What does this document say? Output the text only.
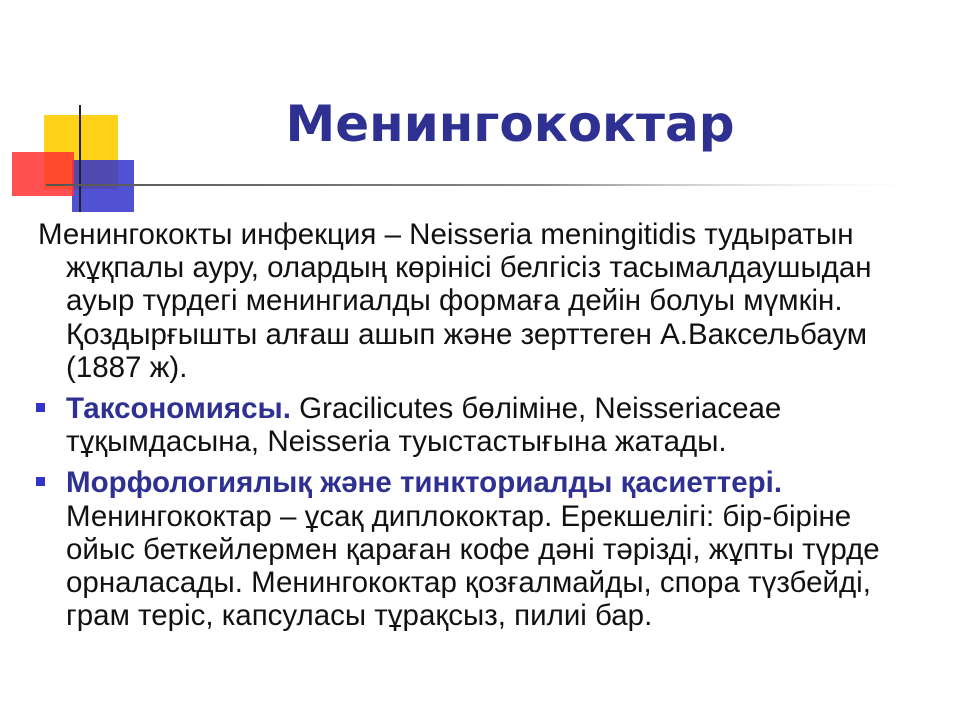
Менингококтар

Менингококты инфекция – Neisseria meningitidis тудыратын жұқпалы ауру, олардың көрінісі белгісіз тасымалдаушыдан ауыр түрдегі менингиалды формаға дейін болуы мүмкін. Қоздырғышты алғаш ашып және зерттеген А.Ваксельбаум (1887 ж).

Таксономиясы. Gracilicutes бөліміне, Neisseriaceae тұқымдасына, Neisseria туыстастығына жатады.

Морфологиялық және тинкториалды қасиеттері. Менингококтар – ұсақ диплококтар. Ерекшелігі: бір-біріне ойыс беткейлермен қараған кофе дәні тәрізді, жұпты түрде орналасады. Менингококтар қозғалмайды, спора түзбейді, грам теріс, капсуласы тұрақсыз, пилиі бар.
